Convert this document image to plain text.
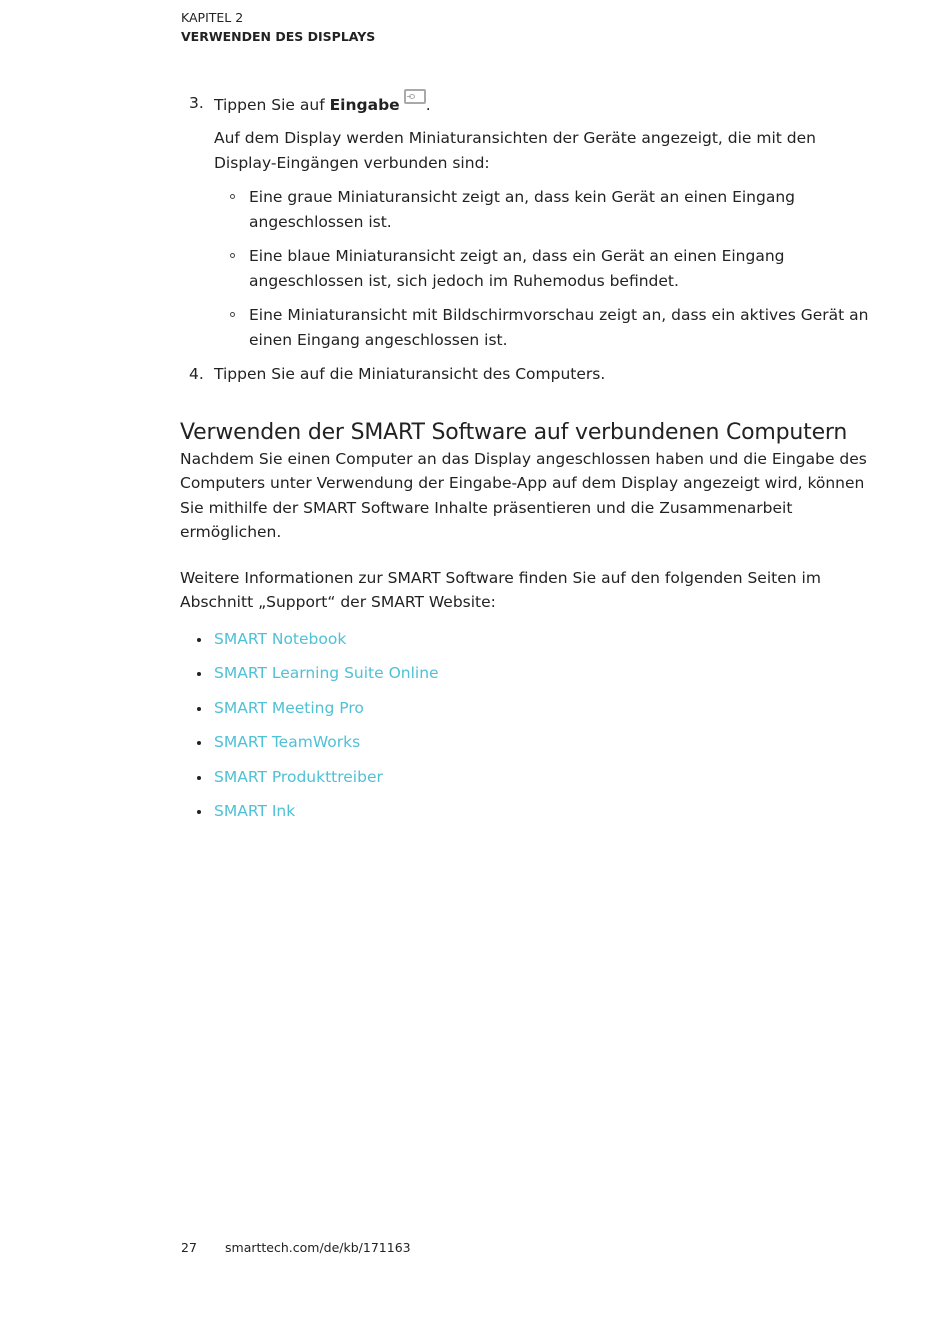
KAPITEL 2
VERWENDEN DES DISPLAYS
3. Tippen Sie auf Eingabe .

Auf dem Display werden Miniaturansichten der Geräte angezeigt, die mit den Display-Eingängen verbunden sind:

Eine graue Miniaturansicht zeigt an, dass kein Gerät an einen Eingang angeschlossen ist.
Eine blaue Miniaturansicht zeigt an, dass ein Gerät an einen Eingang angeschlossen ist, sich jedoch im Ruhemodus befindet.
Eine Miniaturansicht mit Bildschirmvorschau zeigt an, dass ein aktives Gerät an einen Eingang angeschlossen ist.
4. Tippen Sie auf die Miniaturansicht des Computers.

Verwenden der SMART Software auf verbundenen Computern

Nachdem Sie einen Computer an das Display angeschlossen haben und die Eingabe des Computers unter Verwendung der Eingabe-App auf dem Display angezeigt wird, können Sie mithilfe der SMART Software Inhalte präsentieren und die Zusammenarbeit ermöglichen.

Weitere Informationen zur SMART Software finden Sie auf den folgenden Seiten im Abschnitt „Support“ der SMART Website:

SMART Notebook
SMART Learning Suite Online
SMART Meeting Pro
SMART TeamWorks
SMART Produkttreiber
SMART Ink
27 smarttech.com/de/kb/171163
